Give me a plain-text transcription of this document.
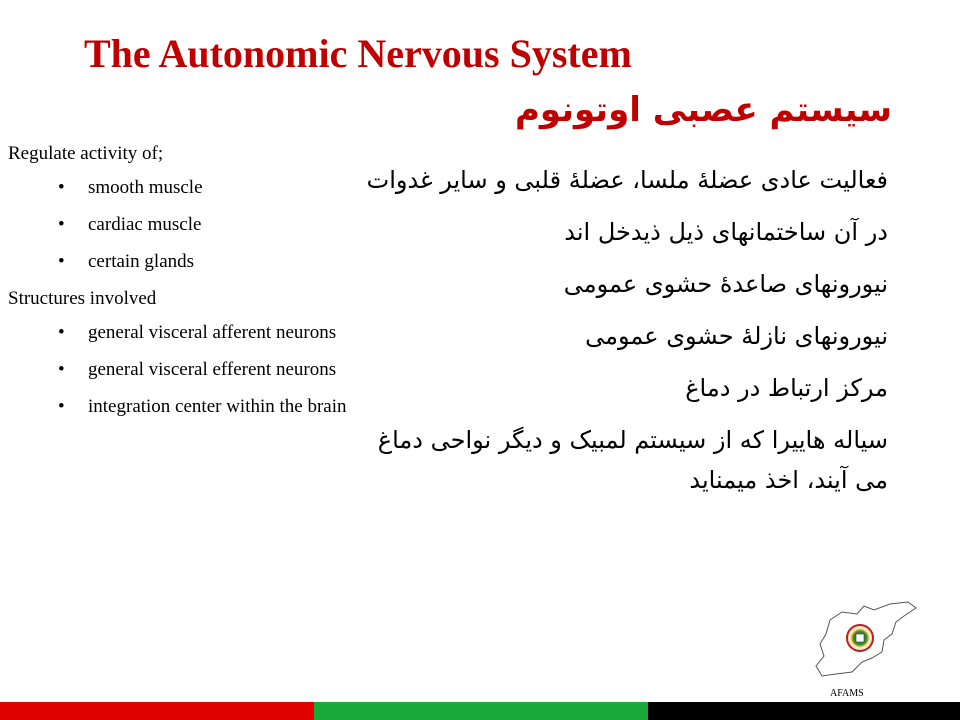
The Autonomic Nervous System
سیستم عصبی اوتونوم

Regulate activity of;

• smooth muscle
• cardiac muscle
• certain glands

Structures involved

• general visceral afferent neurons
• general visceral efferent neurons
• integration center within the brain

فعالیت عادی عضلهٔ ملسا، عضلهٔ قلبی و سایر غدوات

در آن ساختمانهای ذیل ذیدخل اند

نیورونهای صاعدهٔ حشوی عمومی

نیورونهای نازلهٔ حشوی عمومی

مرکز ارتباط در دماغ

سیاله هاییرا که از سیستم لمبیک و دیگر نواحی دماغ می آیند، اخذ میمناید

AFAMS
